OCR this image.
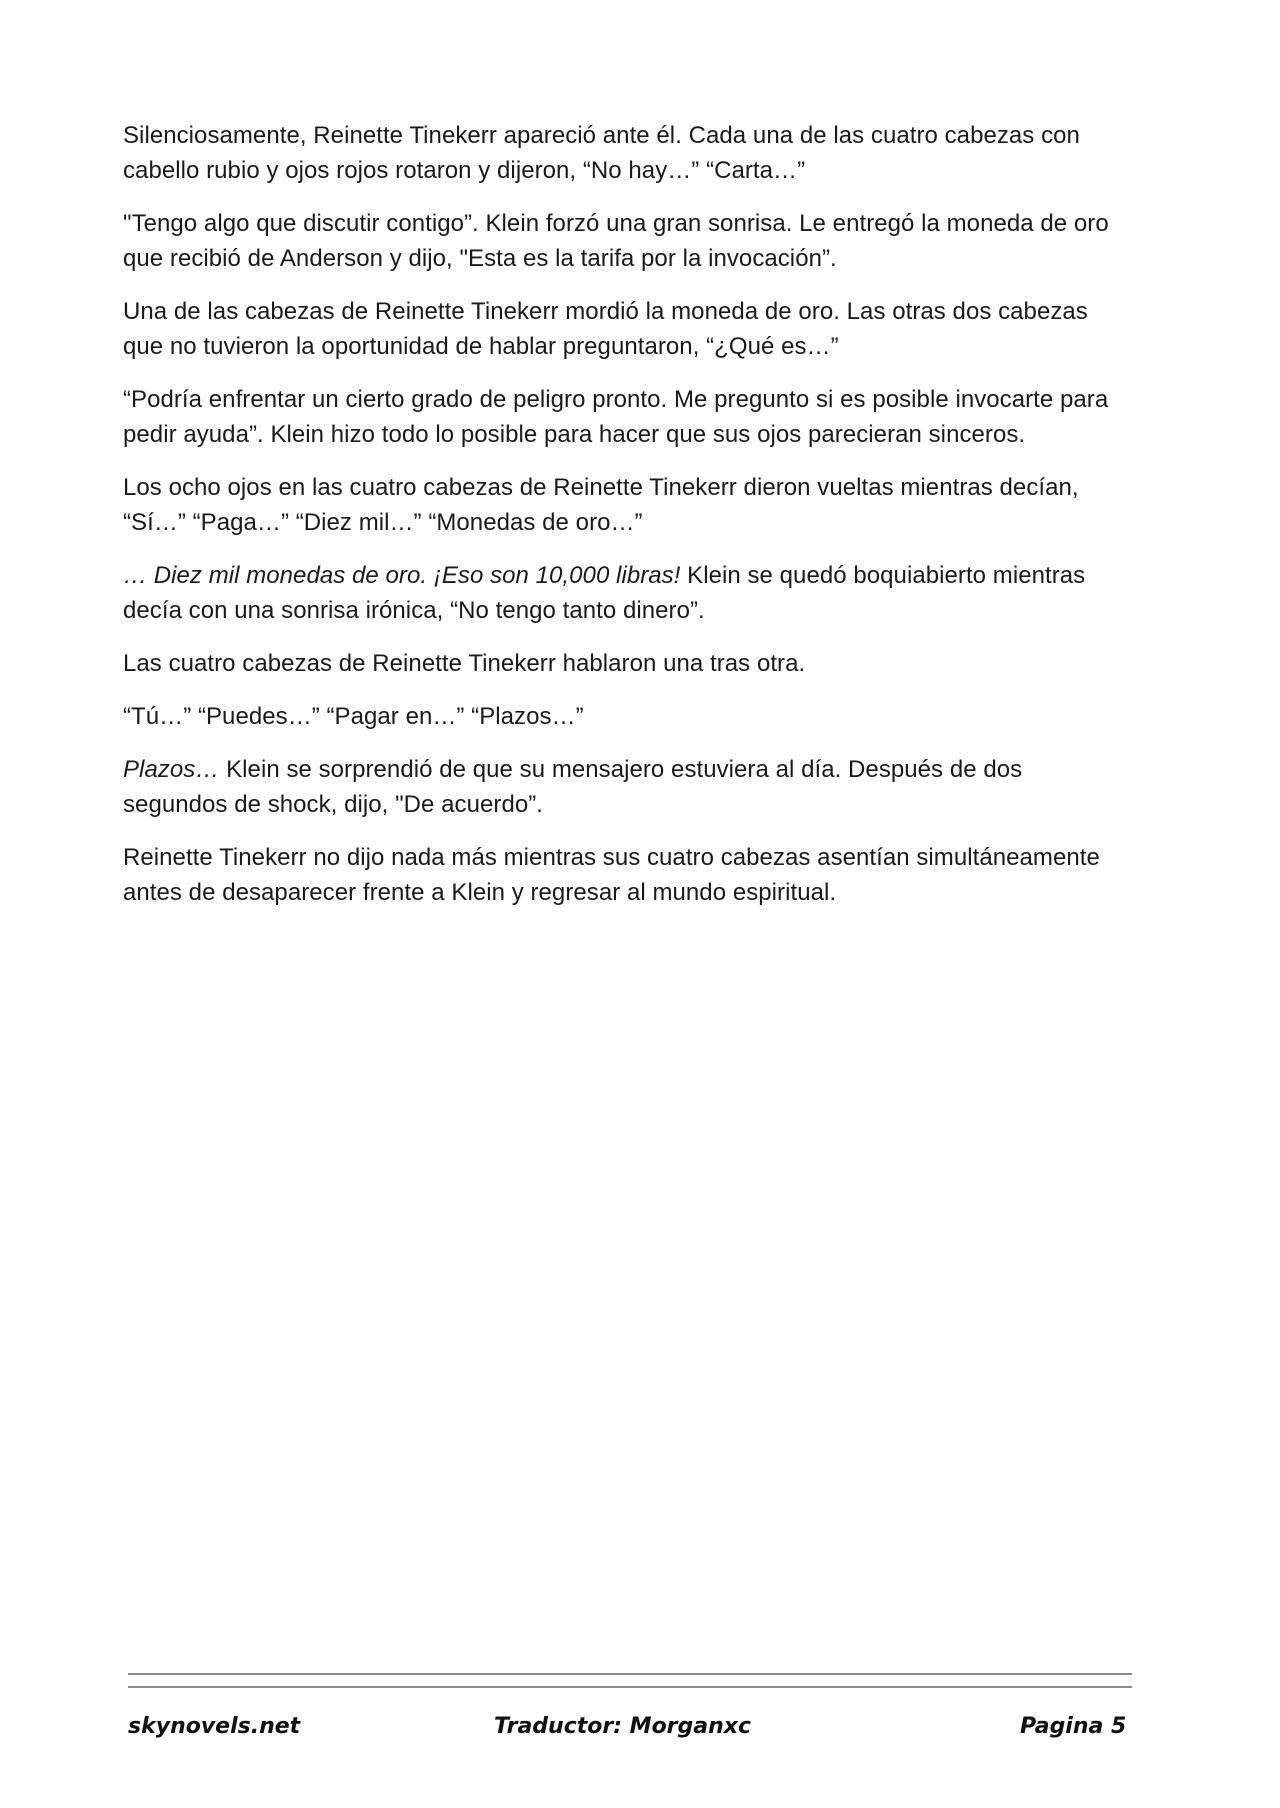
Silenciosamente, Reinette Tinekerr apareció ante él. Cada una de las cuatro cabezas con cabello rubio y ojos rojos rotaron y dijeron, “No hay…” “Carta…”

"Tengo algo que discutir contigo”. Klein forzó una gran sonrisa. Le entregó la moneda de oro que recibió de Anderson y dijo, "Esta es la tarifa por la invocación”.

Una de las cabezas de Reinette Tinekerr mordió la moneda de oro. Las otras dos cabezas que no tuvieron la oportunidad de hablar preguntaron, “¿Qué es…”

“Podría enfrentar un cierto grado de peligro pronto. Me pregunto si es posible invocarte para pedir ayuda”. Klein hizo todo lo posible para hacer que sus ojos parecieran sinceros.

Los ocho ojos en las cuatro cabezas de Reinette Tinekerr dieron vueltas mientras decían, “Sí…” “Paga…” “Diez mil…” “Monedas de oro…”

… Diez mil monedas de oro. ¡Eso son 10,000 libras! Klein se quedó boquiabierto mientras decía con una sonrisa irónica, “No tengo tanto dinero”.

Las cuatro cabezas de Reinette Tinekerr hablaron una tras otra.

“Tú…” “Puedes…” “Pagar en…” “Plazos…”

Plazos… Klein se sorprendió de que su mensajero estuviera al día. Después de dos segundos de shock, dijo, "De acuerdo”.

Reinette Tinekerr no dijo nada más mientras sus cuatro cabezas asentían simultáneamente antes de desaparecer frente a Klein y regresar al mundo espiritual.

skynovels.net	Traductor: Morganxc	Pagina 5
